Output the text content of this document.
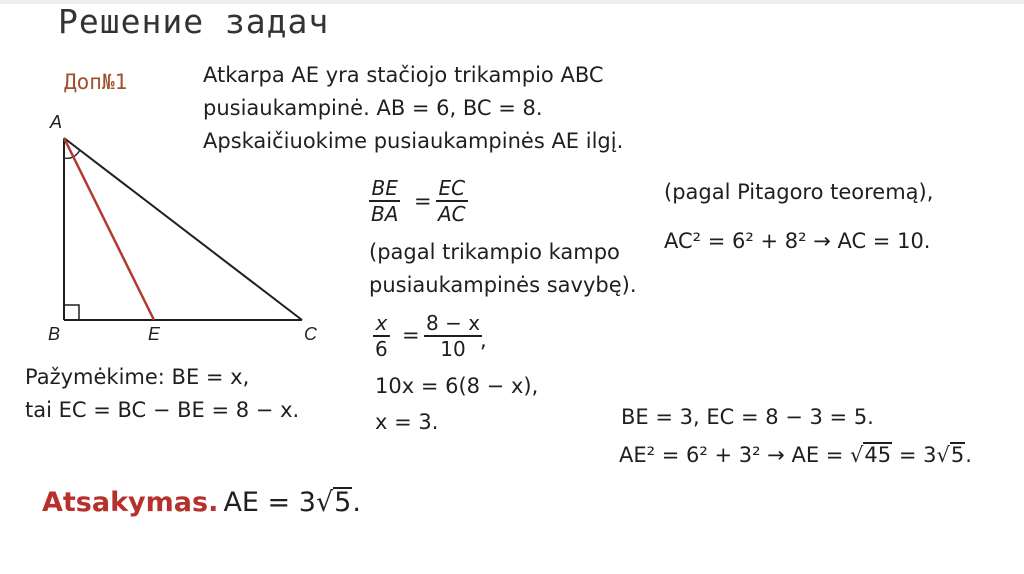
Решение задач
Доп№1	Atkarpa AE yra stačiojo trikampio ABC
pusiaukampinė. AB = 6, BC = 8.
Apskaičiuokime pusiaukampinės AE ilgį.
A
B	E	C
Pažymėkime: BE = x,
tai EC = BC − BE = 8 − x.
BE
BA
=
EC
AC
(pagal trikampio kampo
pusiaukampinės savybę).
(pagal Pitagoro teoremą),
AC² = 6² + 8² → AC = 10.
x
6
= 8 − x
10 ,
10x = 6(8 − x),
x = 3.	BE = 3, EC = 8 − 3 = 5.
AE² = 6² + 3² → AE = √45 = 3√5.
Atsakymas. AE = 3√5.
